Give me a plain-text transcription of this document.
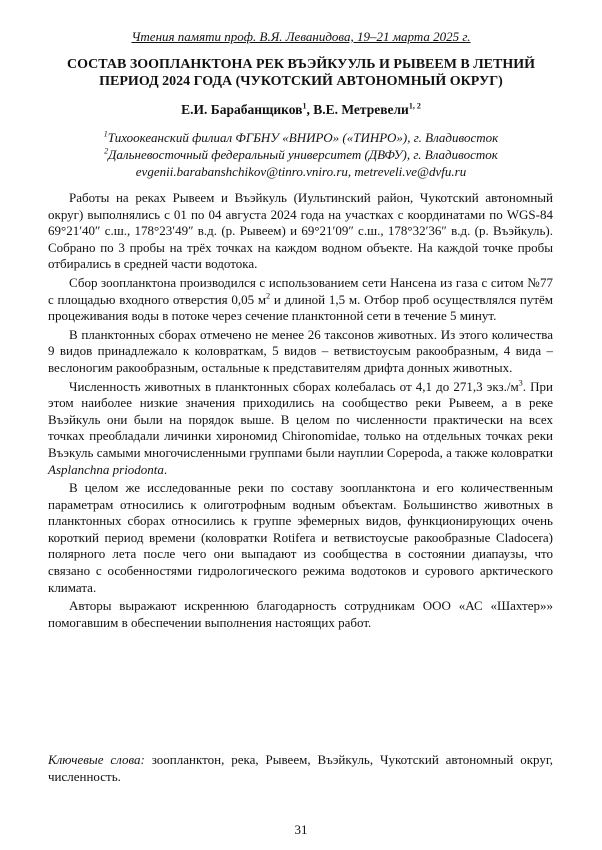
Чтения памяти проф. В.Я. Леванидова, 19–21 марта 2025 г.
СОСТАВ ЗООПЛАНКТОНА РЕК ВЪЭЙКУУЛЬ И РЫВЕЕМ В ЛЕТНИЙ ПЕРИОД 2024 ГОДА (ЧУКОТСКИЙ АВТОНОМНЫЙ ОКРУГ)
Е.И. Барабанщиков$^1$, В.Е. Метревели$^{1, 2}$
$^1$Тихоокеанский филиал ФГБНУ «ВНИРО» («ТИНРО»), г. Владивосток
$^2$Дальневосточный федеральный университет (ДВФУ), г. Владивосток
evgenii.barabanshchikov@tinro.vniro.ru, metreveli.ve@dvfu.ru

Работы на реках Рывеем и Въэйкуль (Иультинский район, Чукотский автономный округ) выполнялись с 01 по 04 августа 2024 года на участках с координатами по WGS-84 69°21′40″ с.ш., 178°23′49″ в.д. (р. Рывеем) и 69°21′09″ с.ш., 178°32′36″ в.д. (р. Въэйкуль). Собрано по 3 пробы на трёх точках на каждом водном объекте. На каждой точке пробы отбирались в средней части водотока.

Сбор зоопланктона производился с использованием сети Нансена из газа с ситом №77 с площадью входного отверстия 0,05 $м^2$ и длиной 1,5 м. Отбор проб осуществлялся путём процеживания воды в потоке через сечение планктонной сети в течение 5 минут.

В планктонных сборах отмечено не менее 26 таксонов животных. Из этого количества 9 видов принадлежало к коловраткам, 5 видов – ветвистоусым ракообразным, 4 вида – веслоногим ракообразным, остальные к представителям дрифта донных животных.

Численность животных в планктонных сборах колебалась от 4,1 до 271,3 $экз./м^3$. При этом наиболее низкие значения приходились на сообщество реки Рывеем, а в реке Въэйкуль они были на порядок выше. В целом по численности практически на всех точках преобладали личинки хирономид Chironomidae, только на отдельных точках реки Въэкуль самыми многочисленными группами были науплии Copepoda, а также коловратки Asplanchna priodonta.

В целом же исследованные реки по составу зоопланктона и его количественным параметрам относились к олиготрофным водным объектам. Большинство животных в планктонных сборах относились к группе эфемерных видов, функционирующих очень короткий период времени (коловратки Rotifera и ветвистоусые ракообразные Cladocera) полярного лета после чего они выпадают из сообщества в состоянии диапаузы, что связано с особенностями гидрологического режима водотоков и сурового арктического климата.

Авторы выражают искреннюю благодарность сотрудникам ООО «АС «Шахтер»» помогавшим в обеспечении выполнения настоящих работ.

Ключевые слова: зоопланктон, река, Рывеем, Въэйкуль, Чукотский автономный округ, численность.
31
